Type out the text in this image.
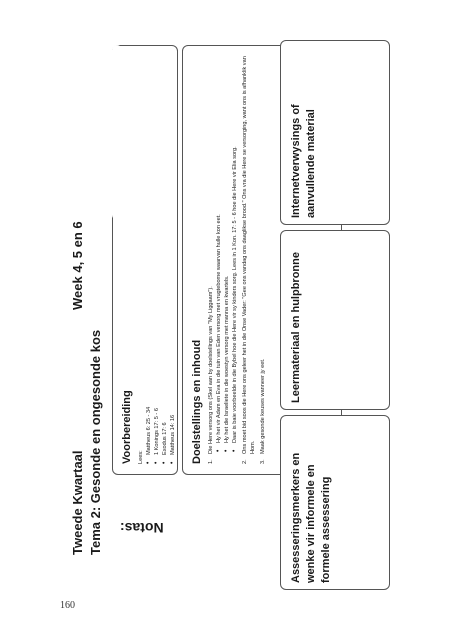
160
Tweede Kwartaal
Week 4, 5 en 6
Tema 2: Gesonde en ongesonde kos Voorbereiding Lees:
• Mattheus 6: 25 - 34 • 1 Konings 17: 5 - 6 • Exodus 17: 6 • Mattheus 14: 16 Doelstellings en inhoud 1.
Die Here versorg ons (Skel aan by doelstellings van "My Liggaam"). • Hy het vir Adam en Eva in die tuin van Eden versorg met vrugtebome waarvan hulle kon eet. • Hy het die Israeliete in die woestyn versorg met manna en kwartels. • Daar is baie voorbeelde in die Bybel hoe die Here vir sy kinders sorg. Lees in 1 Kon. 17: 5 - 6 hoe die Here vir Elia sorg.
2.
Ons moet bid soos die Here ons geleer het in die Onse Vader: "Gee ons vandag ons daaglikse brood." Ons vra die Here se versorging, want ons is afhanklik van Hom.
3.
Maak gesonde keuses wanneer jy eet.
Assesseringsmerkers en wenke vir informele en formele assessering
Leermateriaal en hulpbronne
Internetverwysings of aanvullende material
Notas:
